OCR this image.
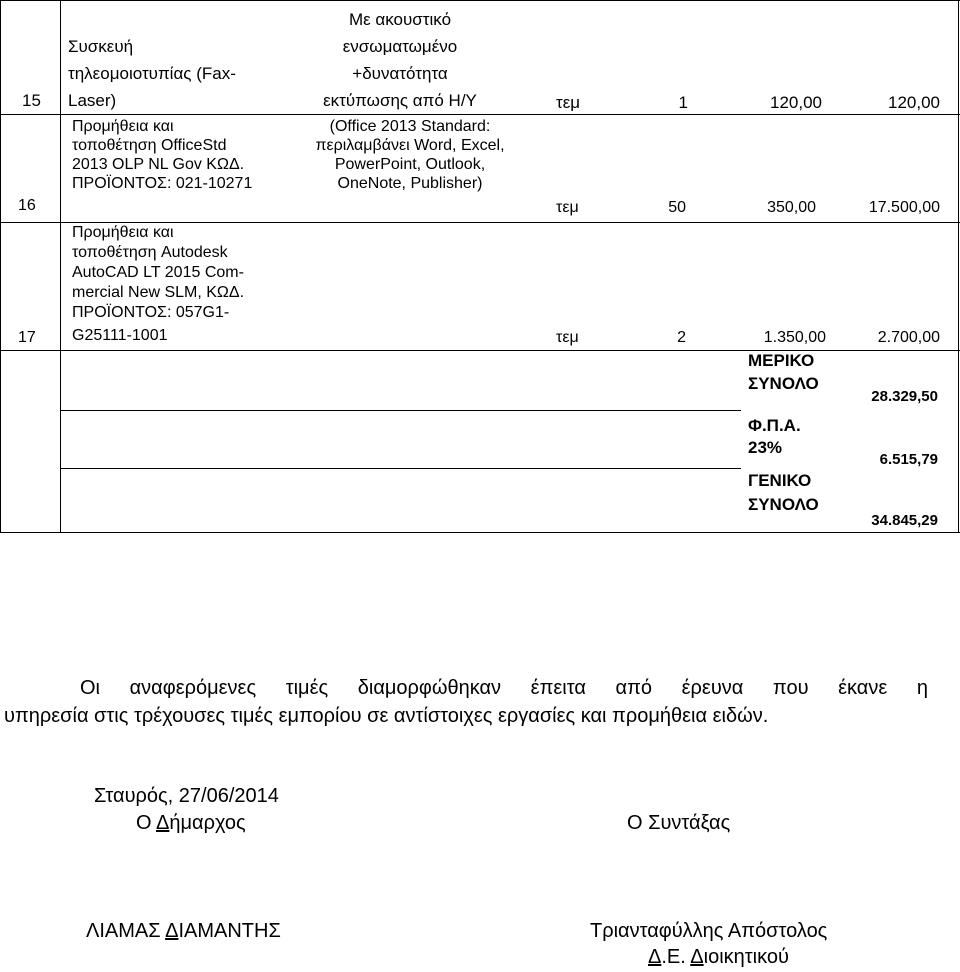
15
Συσκευή
τηλεομοιοτυπίας (Fax-
Laser)
Με ακουστικό
ενσωματωμένο
+δυνατότητα
εκτύπωσης από Η/Υ	τεμ	1	120,00	120,00
16
Προμήθεια και
τοποθέτηση OfficeStd
2013 OLP NL Gov ΚΩΔ.
ΠΡΟΪΟΝΤΟΣ: 021-10271
(Office 2013 Standard:
περιλαμβάνει Word, Excel,
PowerPoint, Outlook,
OneNote, Publisher)
τεμ	50	350,00	17.500,00
17
Προμήθεια και
τοποθέτηση Autodesk
AutoCAD LT 2015 Com-
mercial New SLM, ΚΩΔ.
ΠΡΟΪΟΝΤΟΣ: 057G1-
G25111-1001	τεμ	2	1.350,00	2.700,00
ΜΕΡΙΚΟ
ΣΥΝΟΛΟ
28.329,50
Φ.Π.Α.
23%
6.515,79
ΓΕΝΙΚΟ
ΣΥΝΟΛΟ
34.845,29
Οι αναφερόμενες τιμές διαμορφώθηκαν έπειτα από έρευνα που έκανε η
υπηρεσία στις τρέχουσες τιμές εμπορίου σε αντίστοιχες εργασίες και προμήθεια ειδών.
Σταυρός, 27/06/2014
Ο Δήμαρχος	Ο Συντάξας
ΛΙΑΜΑΣ ΔΙΑΜΑΝΤΗΣ	Τριανταφύλλης Απόστολος
Δ.Ε. Διοικητικού
